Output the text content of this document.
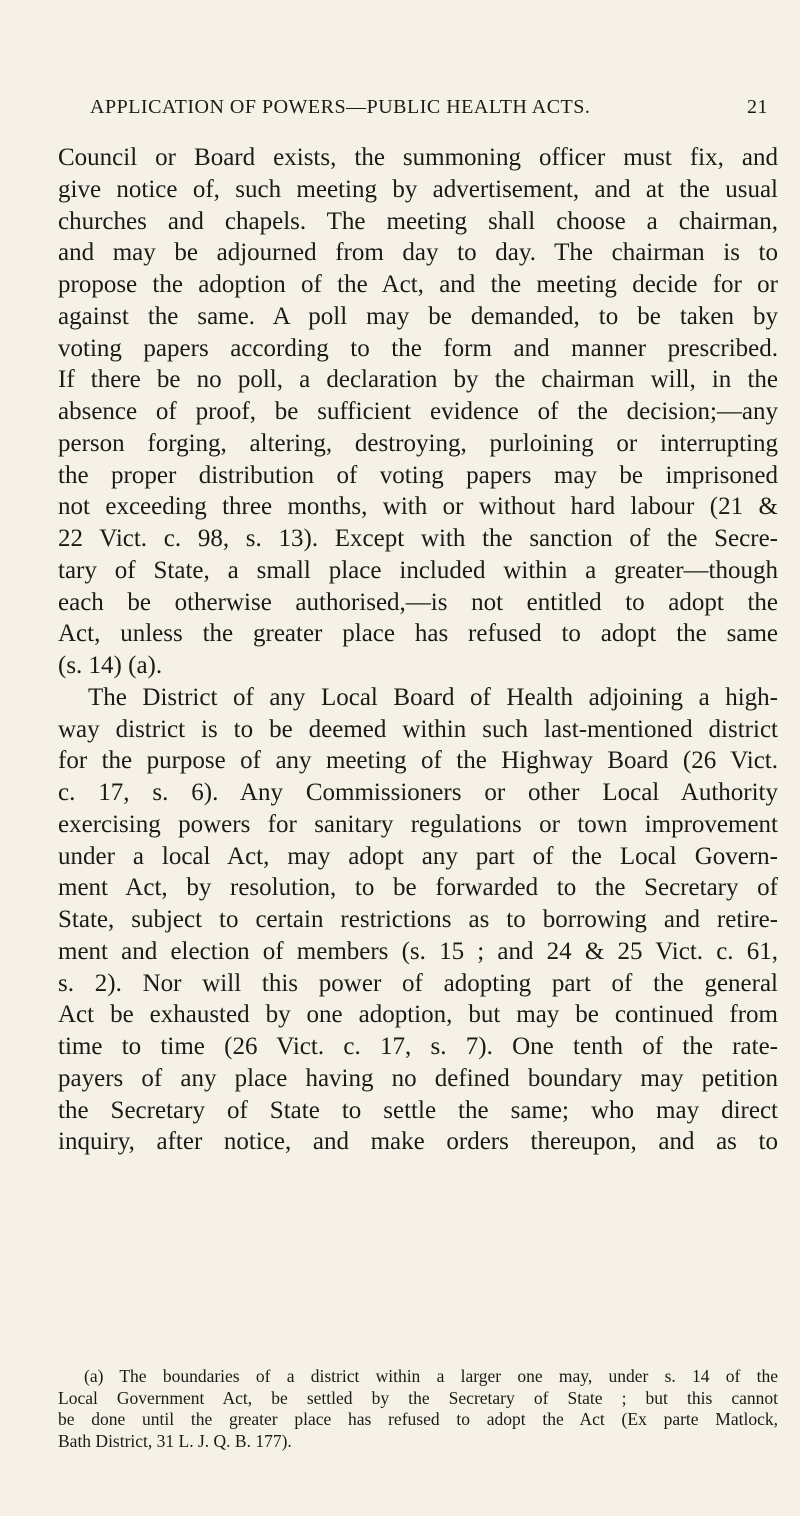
APPLICATION OF POWERS—PUBLIC HEALTH ACTS.	21
Council or Board exists, the summoning officer must fix, and
give notice of, such meeting by advertisement, and at the usual
churches and chapels. The meeting shall choose a chairman,
and may be adjourned from day to day. The chairman is to
propose the adoption of the Act, and the meeting decide for or
against the same. A poll may be demanded, to be taken by
voting papers according to the form and manner prescribed.
If there be no poll, a declaration by the chairman will, in the
absence of proof, be sufficient evidence of the decision;—any
person forging, altering, destroying, purloining or interrupting
the proper distribution of voting papers may be imprisoned
not exceeding three months, with or without hard labour (21 &
22 Vict. c. 98, s. 13). Except with the sanction of the Secre-
tary of State, a small place included within a greater—though
each be otherwise authorised,—is not entitled to adopt the
Act, unless the greater place has refused to adopt the same
(s. 14) (a).
The District of any Local Board of Health adjoining a high-
way district is to be deemed within such last-mentioned district
for the purpose of any meeting of the Highway Board (26 Vict.
c. 17, s. 6). Any Commissioners or other Local Authority
exercising powers for sanitary regulations or town improvement
under a local Act, may adopt any part of the Local Govern-
ment Act, by resolution, to be forwarded to the Secretary of
State, subject to certain restrictions as to borrowing and retire-
ment and election of members (s. 15 ; and 24 & 25 Vict. c. 61,
s. 2). Nor will this power of adopting part of the general
Act be exhausted by one adoption, but may be continued from
time to time (26 Vict. c. 17, s. 7). One tenth of the rate-
payers of any place having no defined boundary may petition
the Secretary of State to settle the same; who may direct
inquiry, after notice, and make orders thereupon, and as to
(a) The boundaries of a district within a larger one may, under s. 14 of the
Local Government Act, be settled by the Secretary of State ; but this cannot
be done until the greater place has refused to adopt the Act (Ex parte Matlock,
Bath District, 31 L. J. Q. B. 177).
